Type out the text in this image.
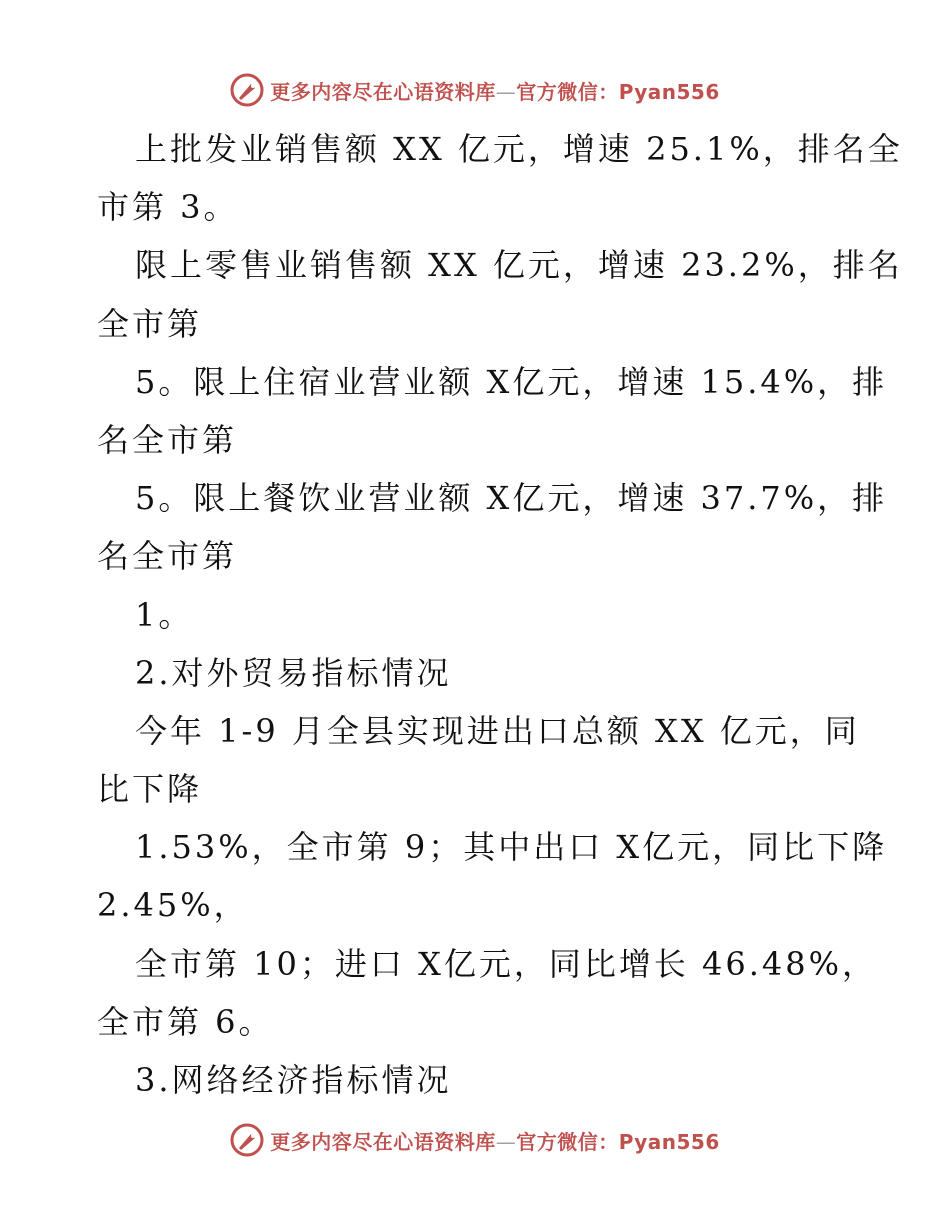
更多内容尽在心语资料库—官方微信：Pyan556
上批发业销售额 XX 亿元，增速 25.1%，排名全
市第 3。
限上零售业销售额 XX 亿元，增速 23.2%，排名
全市第
5。限上住宿业营业额 X亿元，增速 15.4%，排
名全市第
5。限上餐饮业营业额 X亿元，增速 37.7%，排
名全市第
1。
2.对外贸易指标情况
今年 1-9 月全县实现进出口总额 XX 亿元，同
比下降
1.53%，全市第 9；其中出口 X亿元，同比下降
2.45%，
全市第 10；进口 X亿元，同比增长 46.48%，
全市第 6。
3.网络经济指标情况
更多内容尽在心语资料库—官方微信：Pyan556
